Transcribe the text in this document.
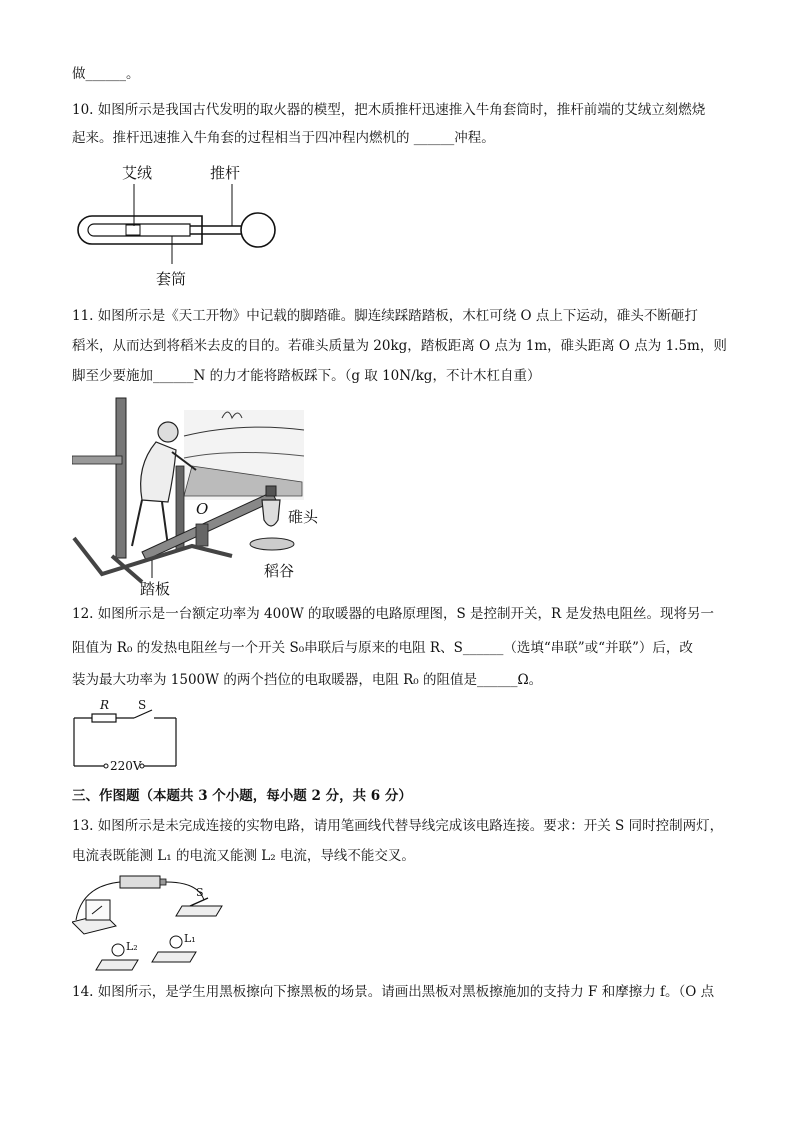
做______。
10. 如图所示是我国古代发明的取火器的模型，把木质推杆迅速推入牛角套筒时，推杆前端的艾绒立刻燃烧
起来。推杆迅速推入牛角套的过程相当于四冲程内燃机的 ______冲程。
艾绒	推杆
套筒
11. 如图所示是《天工开物》中记载的脚踏碓。脚连续踩踏踏板，木杠可绕 O 点上下运动，碓头不断砸打
稻米，从而达到将稻米去皮的目的。若碓头质量为 20kg，踏板距离 O 点为 1m，碓头距离 O 点为 1.5m，则
脚至少要施加______N 的力才能将踏板踩下。（g 取 10N/kg，不计木杠自重）
O	碓头
稻谷
踏板
12. 如图所示是一台额定功率为 400W 的取暖器的电路原理图，S 是控制开关，R 是发热电阻丝。现将另一
阻值为 R₀ 的发热电阻丝与一个开关 S₀串联后与原来的电阻 R、S______（选填“串联”或“并联”）后，改
装为最大功率为 1500W 的两个挡位的电取暖器，电阻 R₀ 的阻值是______Ω。
R S
220V
三、作图题（本题共 3 个小题，每小题 2 分，共 6 分）
13. 如图所示是未完成连接的实物电路，请用笔画线代替导线完成该电路连接。要求：开关 S 同时控制两灯，
电流表既能测 L₁ 的电流又能测 L₂ 电流，导线不能交叉。
S
L₁
L₂
14. 如图所示，是学生用黑板擦向下擦黑板的场景。请画出黑板对黑板擦施加的支持力 F 和摩擦力 f。（O 点
